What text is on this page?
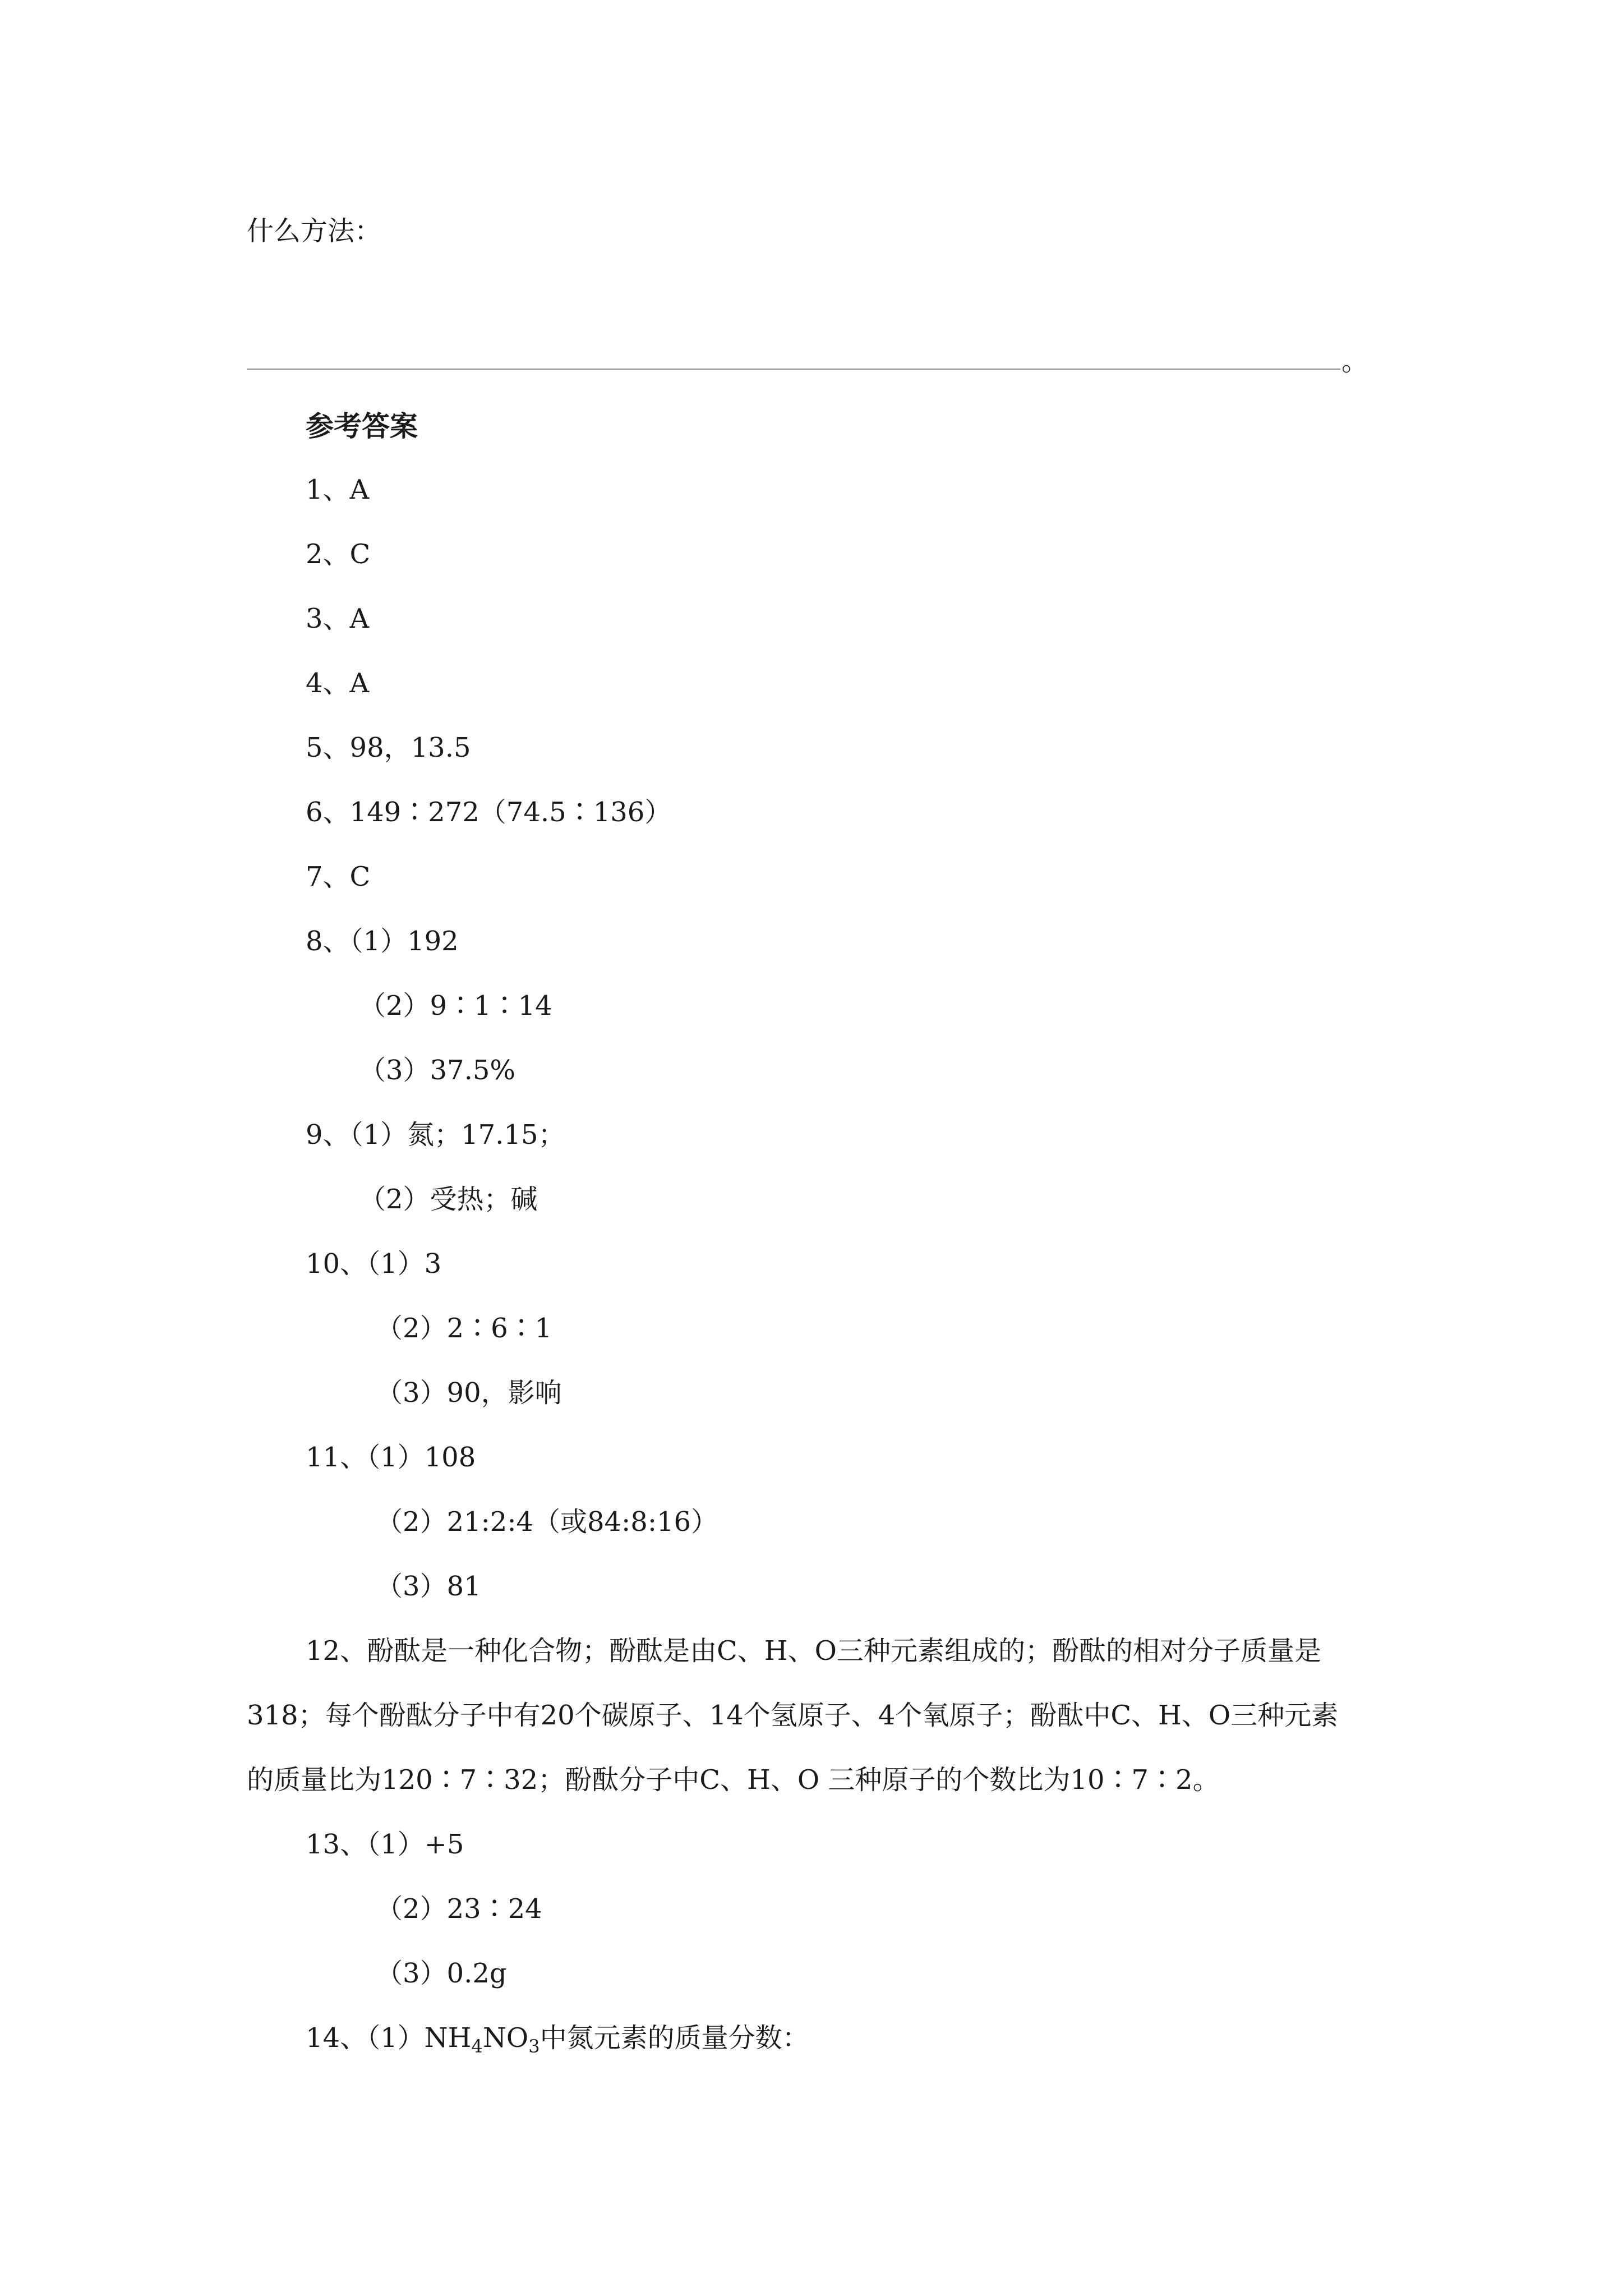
什么方法：
。
参考答案
1、A
2、C
3、A
4、A
5、98，13.5
6、149∶272（74.5∶136）
7、C
8、（1）192
（2）9∶1∶14
（3）37.5%
9、（1）氮；17.15；
（2）受热；碱
10、（1）3
（2）2∶6∶1
（3）90，影响
11、（1）108
（2）21:2:4（或84:8:16）
（3）81
12、酚酞是一种化合物；酚酞是由C、H、O三种元素组成的；酚酞的相对分子质量是
318；每个酚酞分子中有20个碳原子、14个氢原子、4个氧原子；酚酞中C、H、O三种元素
的质量比为120∶7∶32；酚酞分子中C、H、O 三种原子的个数比为10∶7∶2。
13、（1）+5
（2）23∶24
（3）0.2g
14、$(1)NH_4NO_3$中氮元素的质量分数：
